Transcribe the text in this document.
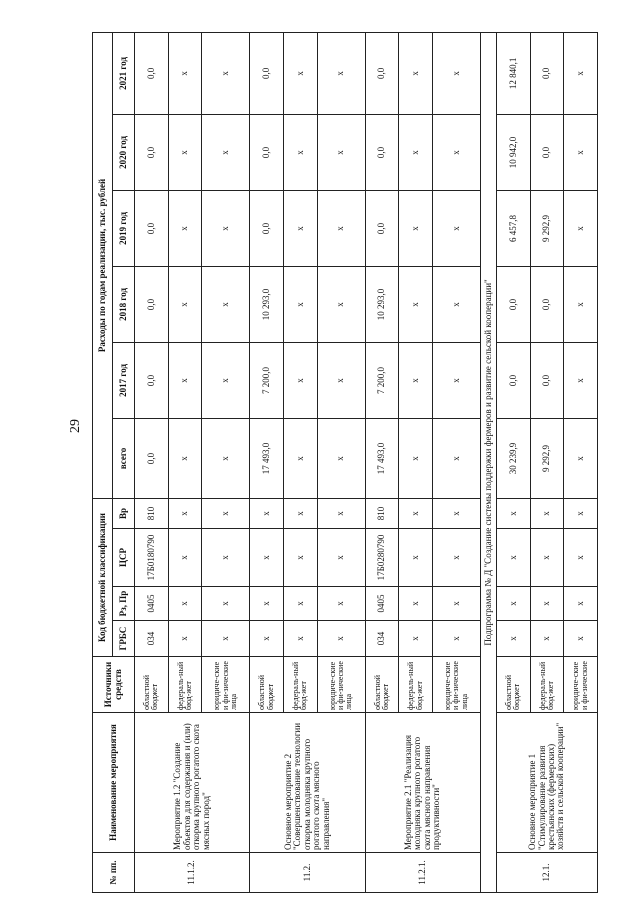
29
№ пп.	Наименование мероприятия	Источники средств	Код бюджетной классификации				Расходы по годам реализации, тыс. рублей					
			ГРБС	Рз, Пр	ЦСР	Вр	всего	2017 год	2018 год	2019 год	2020 год	2021 год
11.1.2.	Мероприятие 1.2 "Создание объектов для содержания и (или) откорма крупного рогатого скота мясных пород"	областной бюджет	034	0405	17Б0180790	810	0,0	0,0	0,0	0,0	0,0	0,0
		федераль-ный бюд-жет	x	x	x	x	x	x	x	x	x	x
		юридиче-ские и фи-зические лица	x	x	x	x	x	x	x	x	x	x
11.2.	Основное мероприятие 2 "Совершенствование технологии откорма молодняка крупного рогатого скота мясного направления"	областной бюджет	x	x	x	x	17 493,0	7 200,0	10 293,0	0,0	0,0	0,0
		федераль-ный бюд-жет	x	x	x	x	x	x	x	x	x	x
		юридиче-ские и фи-зические лица	x	x	x	x	x	x	x	x	x	x
11.2.1.	Мероприятие 2.1 "Реализация молодняка крупного рогатого скота мясного направления продуктивности"	областной бюджет	034	0405	17Б0280790	810	17 493,0	7 200,0	10 293,0	0,0	0,0	0,0
		федераль-ный бюд-жет	x	x	x	x	x	x	x	x	x	x
		юридиче-ские и фи-зические лица	x	x	x	x	x	x	x	x	x	x
Подпрограмма № Д "Создание системы поддержки фермеров и развитие сельской кооперации"												
12.1.	Основное мероприятие 1 "Стимулирование развития крестьянских (фермерских) хозяйств и сельской кооперации"	областной бюджет	x	x	x	x	30 239,9	0,0	0,0	6 457,8	10 942,0	12 840,1
		федераль-ный бюд-жет	x	x	x	x	9 292,9	0,0	0,0	9 292,9	0,0	0,0
		юридиче-ские и фи-зические	x	x	x	x	x	x	x	x	x	x
